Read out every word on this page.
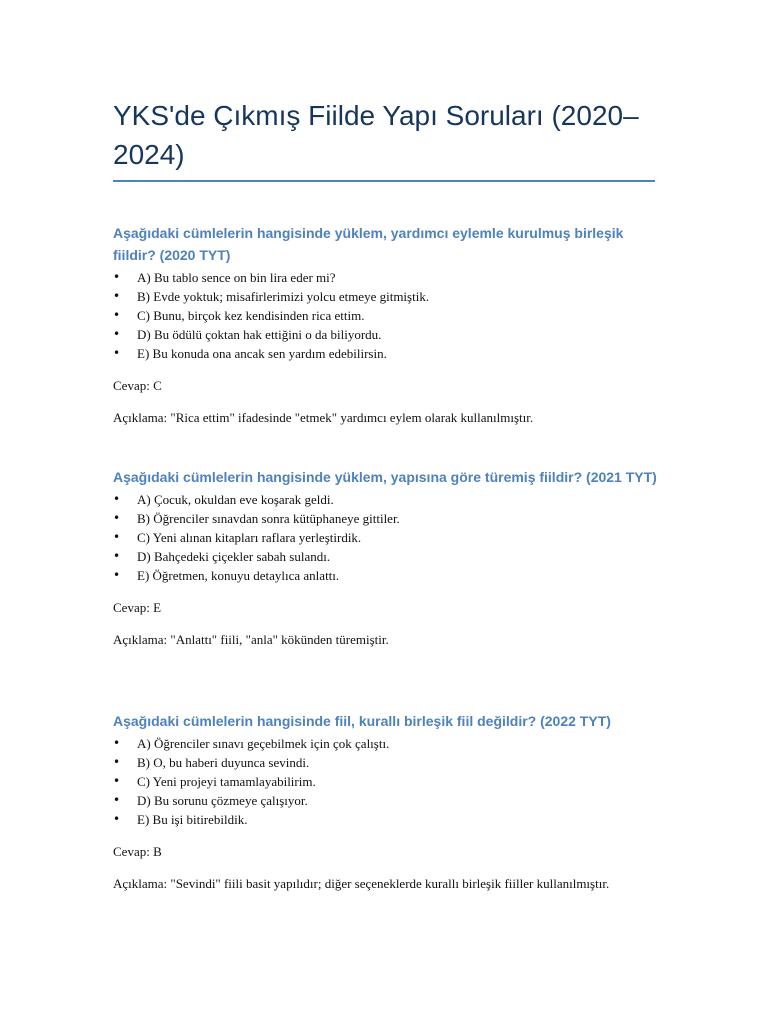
YKS'de Çıkmış Fiilde Yapı Soruları (2020–2024)

Aşağıdaki cümlelerin hangisinde yüklem, yardımcı eylemle kurulmuş birleşik fiildir? (2020 TYT)

• A) Bu tablo sence on bin lira eder mi?
• B) Evde yoktuk; misafirlerimizi yolcu etmeye gitmiştik.
• C) Bunu, birçok kez kendisinden rica ettim.
• D) Bu ödülü çoktan hak ettiğini o da biliyordu.
• E) Bu konuda ona ancak sen yardım edebilirsin.

Cevap: C

Açıklama: "Rica ettim" ifadesinde "etmek" yardımcı eylem olarak kullanılmıştır.

Aşağıdaki cümlelerin hangisinde yüklem, yapısına göre türemiş fiildir? (2021 TYT)

• A) Çocuk, okuldan eve koşarak geldi.
• B) Öğrenciler sınavdan sonra kütüphaneye gittiler.
• C) Yeni alınan kitapları raflara yerleştirdik.
• D) Bahçedeki çiçekler sabah sulandı.
• E) Öğretmen, konuyu detaylıca anlattı.

Cevap: E

Açıklama: "Anlattı" fiili, "anla" kökünden türemiştir.

Aşağıdaki cümlelerin hangisinde fiil, kurallı birleşik fiil değildir? (2022 TYT)

• A) Öğrenciler sınavı geçebilmek için çok çalıştı.
• B) O, bu haberi duyunca sevindi.
• C) Yeni projeyi tamamlayabilirim.
• D) Bu sorunu çözmeye çalışıyor.
• E) Bu işi bitirebildik.

Cevap: B

Açıklama: "Sevindi" fiili basit yapılıdır; diğer seçeneklerde kurallı birleşik fiiller kullanılmıştır.
